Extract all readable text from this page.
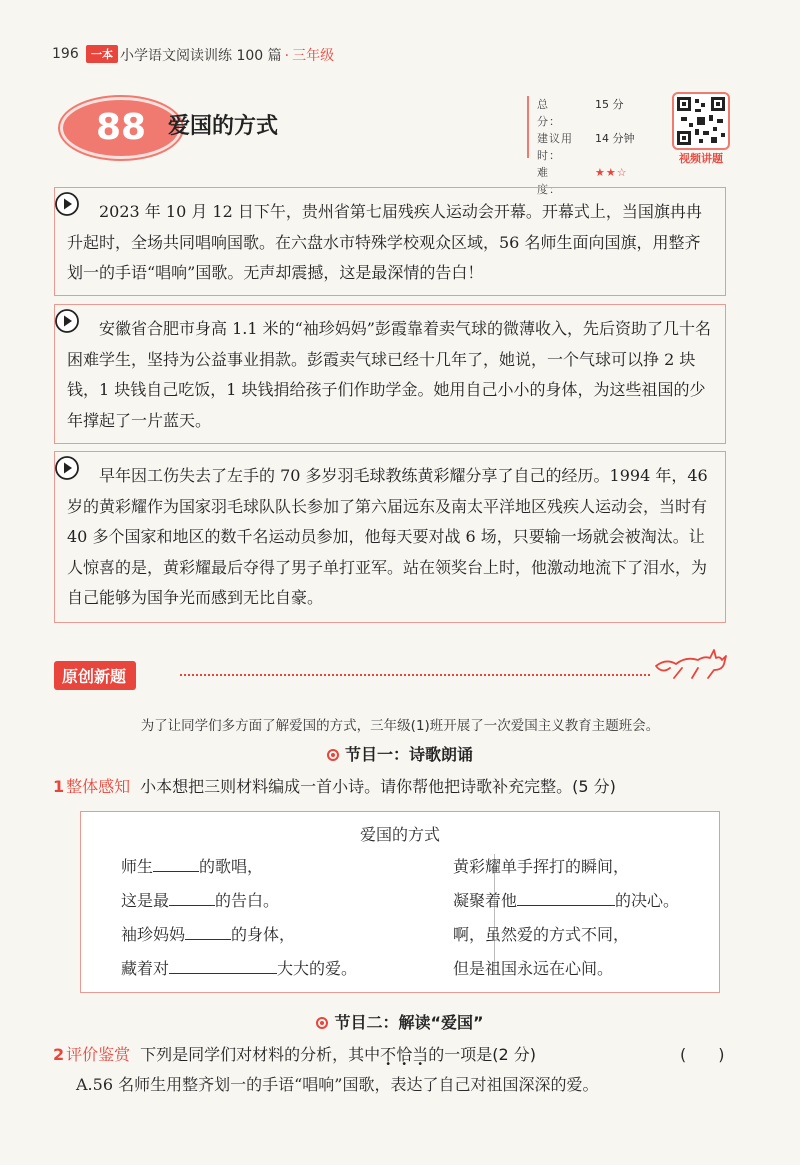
196	一本 小学语文阅读训练 100 篇 · 三年级
88 爱国的方式
总　　分：
15 分
建议用时：
14 分钟
难　　度：
★★☆
视频讲题
2023 年 10 月 12 日下午，贵州省第七届残疾人运动会开幕。开幕式上，当国旗冉冉升起时，全场共同唱响国歌。在六盘水市特殊学校观众区域，56 名师生面向国旗，用整齐划一的手语“唱响”国歌。无声却震撼，这是最深情的告白！
安徽省合肥市身高 1.1 米的“袖珍妈妈”彭霞靠着卖气球的微薄收入，先后资助了几十名困难学生，坚持为公益事业捐款。彭霞卖气球已经十几年了，她说，一个气球可以挣 2 块钱，1 块钱自己吃饭，1 块钱捐给孩子们作助学金。她用自己小小的身体，为这些祖国的少年撑起了一片蓝天。
早年因工伤失去了左手的 70 多岁羽毛球教练黄彩耀分享了自己的经历。1994 年，46 岁的黄彩耀作为国家羽毛球队队长参加了第六届远东及南太平洋地区残疾人运动会，当时有 40 多个国家和地区的数千名运动员参加，他每天要对战 6 场，只要输一场就会被淘汰。让人惊喜的是，黄彩耀最后夺得了男子单打亚军。站在领奖台上时，他激动地流下了泪水，为自己能够为国争光而感到无比自豪。
原创新题
为了让同学们多方面了解爱国的方式，三年级(1)班开展了一次爱国主义教育主题班会。
节目一：诗歌朗诵
1 整体感知 小本想把三则材料编成一首小诗。请你帮他把诗歌补充完整。(5 分)
爱国的方式
师生	的歌唱，
这是最	的告白。
袖珍妈妈	的身体，
藏着对	大大的爱。
黄彩耀单手挥打的瞬间，
凝聚着他	的决心。
啊，虽然爱的方式不同，
但是祖国永远在心间。
节目二：解读“爱国”
2 评价鉴赏 下列是同学们对材料的分析，其中不恰当的一项是(2 分)	(　　)
A.56 名师生用整齐划一的手语“唱响”国歌，表达了自己对祖国深深的爱。
